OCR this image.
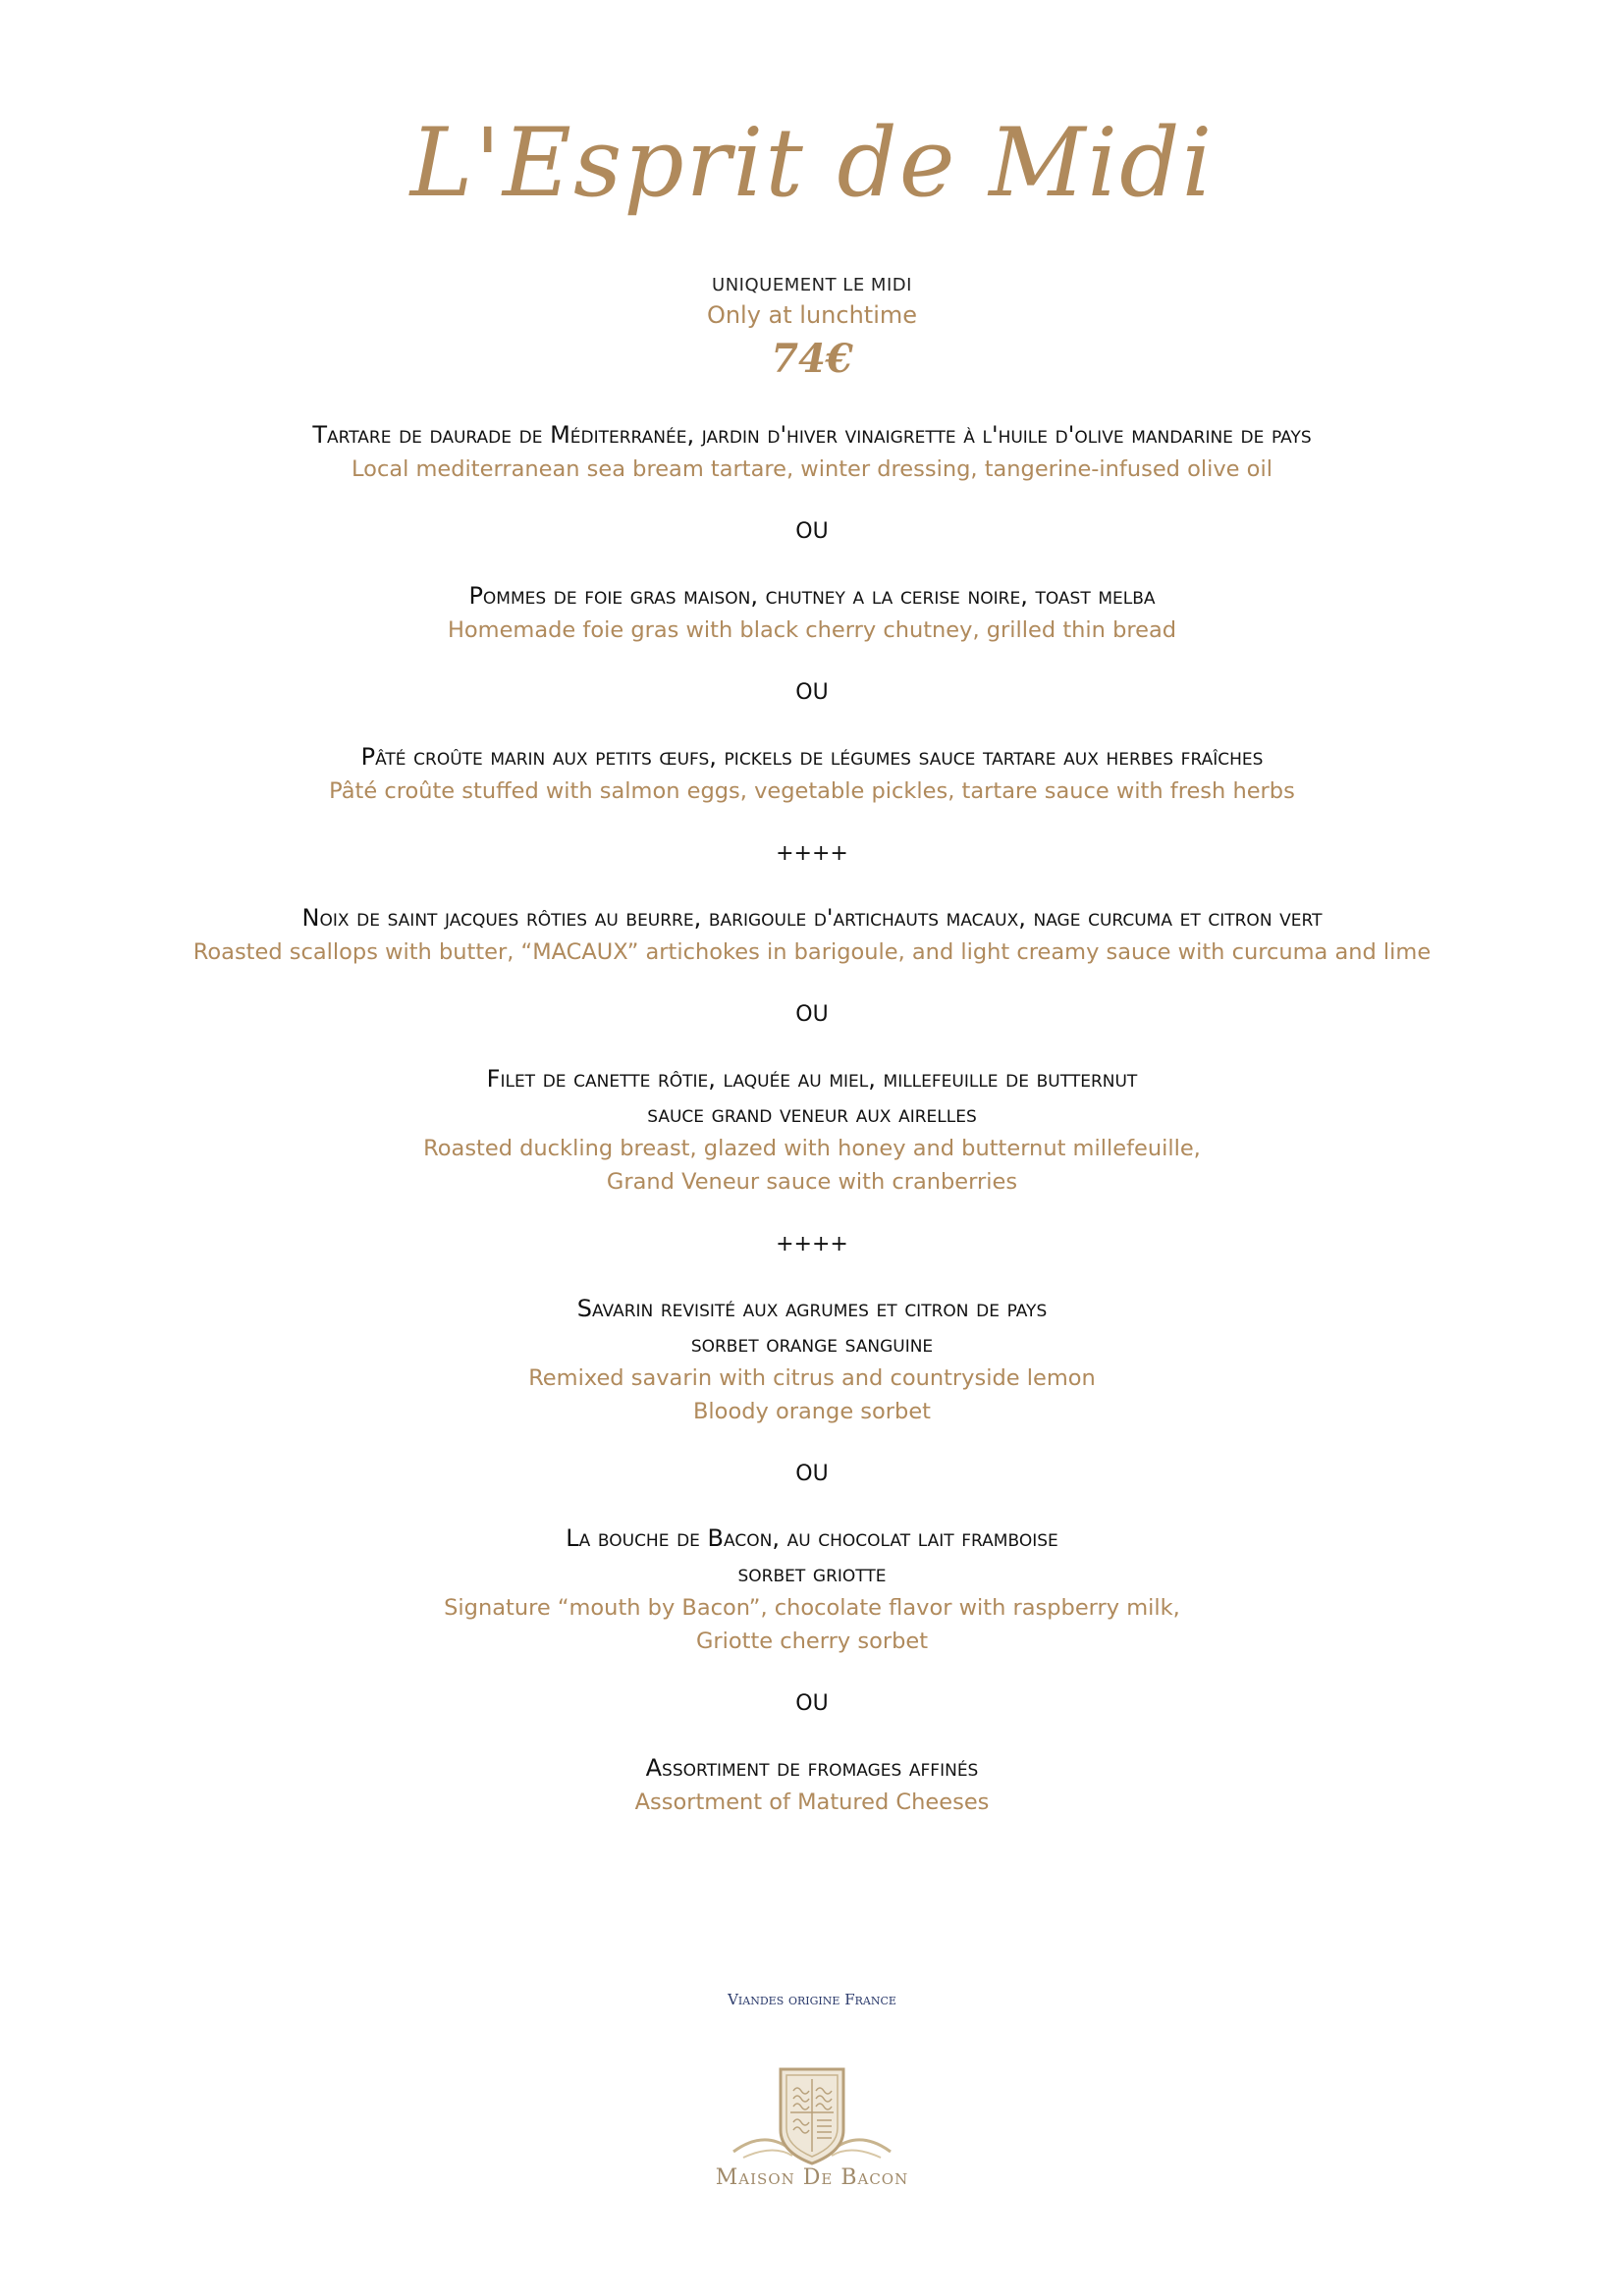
L'Esprit de Midi
UNIQUEMENT LE MIDI
Only at lunchtime
74€
Tartare de daurade de Méditerranée, jardin d'hiver vinaigrette à l'huile d'olive mandarine de pays
Local mediterranean sea bream tartare, winter dressing, tangerine-infused olive oil
OU
Pommes de foie gras maison, chutney a la cerise noire, toast melba
Homemade foie gras with black cherry chutney, grilled thin bread
OU
Pâté croûte marin aux petits œufs, pickels de légumes sauce tartare aux herbes fraîches
Pâté croûte stuffed with salmon eggs, vegetable pickles, tartare sauce with fresh herbs
++++
Noix de saint jacques rôties au beurre, barigoule d'artichauts macaux, nage curcuma et citron vert
Roasted scallops with butter, “MACAUX” artichokes in barigoule, and light creamy sauce with curcuma and lime
OU
Filet de canette rôtie, laquée au miel, millefeuille de butternut
sauce grand veneur aux airelles
Roasted duckling breast, glazed with honey and butternut millefeuille,
Grand Veneur sauce with cranberries
++++
Savarin revisité aux agrumes et citron de pays
sorbet orange sanguine
Remixed savarin with citrus and countryside lemon
Bloody orange sorbet
OU
La bouche de Bacon, au chocolat lait framboise
sorbet griotte
Signature “mouth by Bacon”, chocolate flavor with raspberry milk,
Griotte cherry sorbet
OU
Assortiment de fromages affinés
Assortment of Matured Cheeses
Viandes origine France
Maison De Bacon
